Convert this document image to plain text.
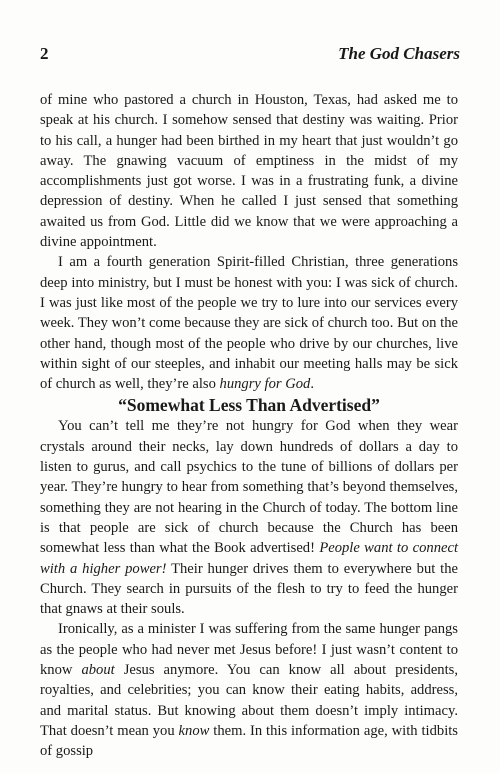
2	The God Chasers

of mine who pastored a church in Houston, Texas, had asked me to speak at his church. I somehow sensed that destiny was waiting. Prior to his call, a hunger had been birthed in my heart that just wouldn’t go away. The gnawing vacuum of emptiness in the midst of my accomplishments just got worse. I was in a frustrating funk, a divine depression of destiny. When he called I just sensed that something awaited us from God. Little did we know that we were approaching a divine appointment.

I am a fourth generation Spirit-filled Christian, three generations deep into ministry, but I must be honest with you: I was sick of church. I was just like most of the people we try to lure into our services every week. They won’t come because they are sick of church too. But on the other hand, though most of the people who drive by our churches, live within sight of our steeples, and inhabit our meeting halls may be sick of church as well, they’re also hungry for God.

“Somewhat Less Than Advertised”

You can’t tell me they’re not hungry for God when they wear crystals around their necks, lay down hundreds of dollars a day to listen to gurus, and call psychics to the tune of billions of dollars per year. They’re hungry to hear from something that’s beyond themselves, something they are not hearing in the Church of today. The bottom line is that people are sick of church because the Church has been somewhat less than what the Book advertised! People want to connect with a higher power! Their hunger drives them to everywhere but the Church. They search in pursuits of the flesh to try to feed the hunger that gnaws at their souls.

Ironically, as a minister I was suffering from the same hunger pangs as the people who had never met Jesus before! I just wasn’t content to know about Jesus anymore. You can know all about presidents, royalties, and celebrities; you can know their eating habits, address, and marital status. But knowing about them doesn’t imply intimacy. That doesn’t mean you know them. In this information age, with tidbits of gossip
